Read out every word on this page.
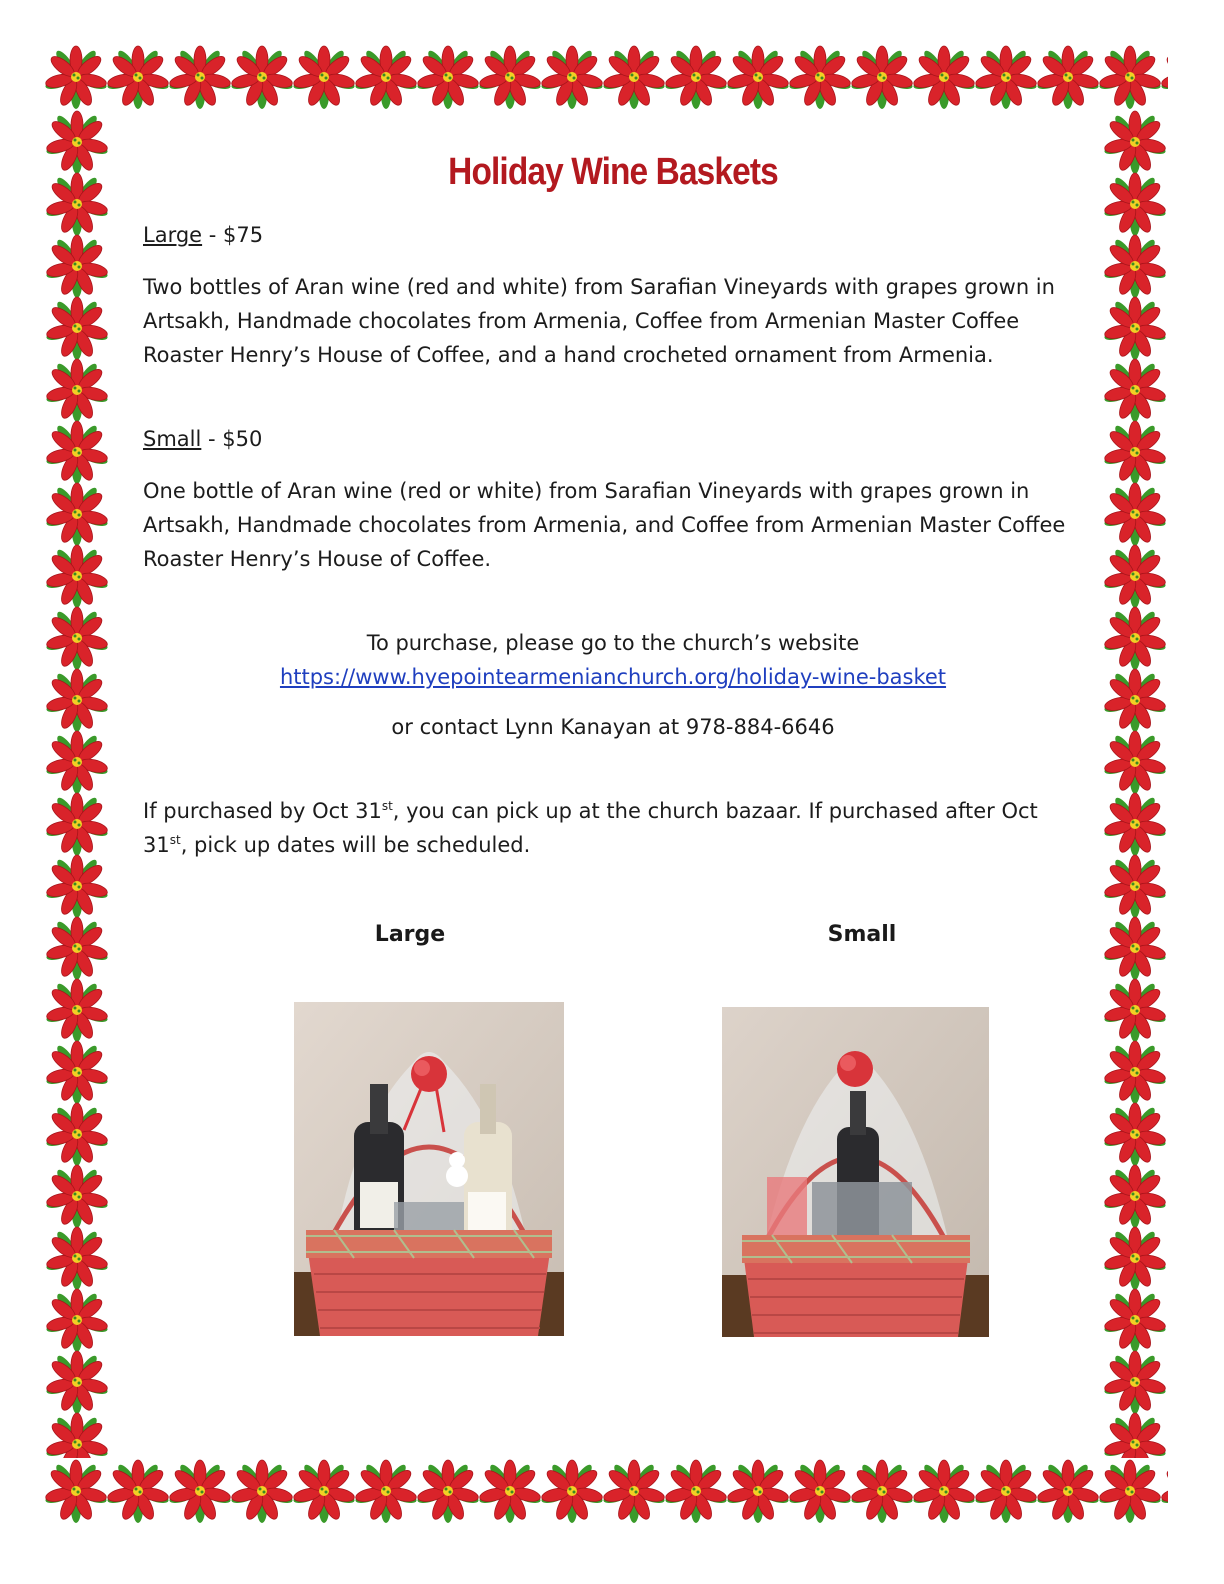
Holiday Wine Baskets
Large - $75

Two bottles of Aran wine (red and white) from Sarafian Vineyards with grapes grown in Artsakh, Handmade chocolates from Armenia, Coffee from Armenian Master Coffee Roaster Henry’s House of Coffee, and a hand crocheted ornament from Armenia.

Small - $50

One bottle of Aran wine (red or white) from Sarafian Vineyards with grapes grown in Artsakh, Handmade chocolates from Armenia, and Coffee from Armenian Master Coffee Roaster Henry’s House of Coffee.

To purchase, please go to the church’s website
https://www.hyepointearmenianchurch.org/holiday-wine-basket
or contact Lynn Kanayan at 978-884-6646

If purchased by Oct 31st, you can pick up at the church bazaar. If purchased after Oct 31st, pick up dates will be scheduled.

Large	Small
